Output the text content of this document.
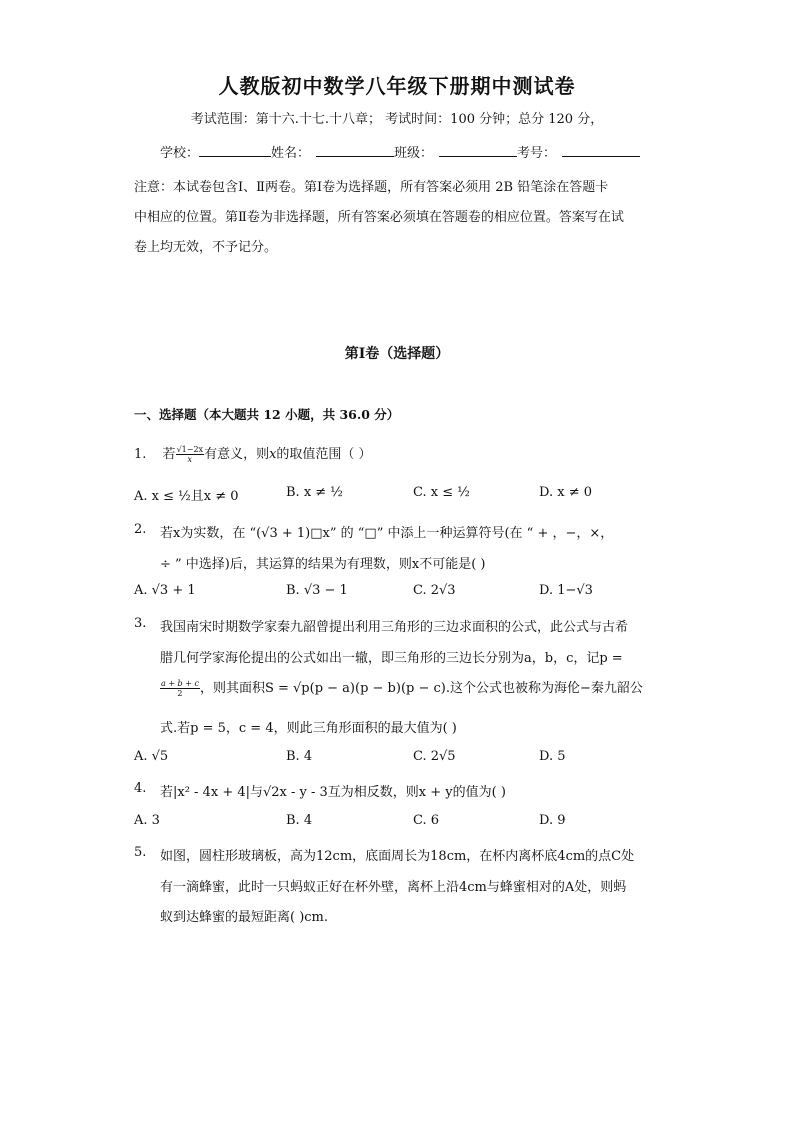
人教版初中数学八年级下册期中测试卷
考试范围：第十六.十七.十八章； 考试时间：100 分钟；总分 120 分，
学校：	姓名：	班级：	考号：
注意：本试卷包含Ⅰ、Ⅱ两卷。第Ⅰ卷为选择题，所有答案必须用 2B 铅笔涂在答题卡
中相应的位置。第Ⅱ卷为非选择题，所有答案必须填在答题卷的相应位置。答案写在试
卷上均无效，不予记分。
第Ⅰ卷（选择题）
一、选择题（本大题共 12 小题，共 36.0 分）
1. 若 $\frac{√1-2x}{x}$ 有意义，则x的取值范围（ ）
A. x ≤ ½且x ≠ 0	B. x ≠ ½	C. x ≤ ½	D. x ≠ 0
2. 若x为实数，在 “(√3 + 1)□x” 的 “□” 中添上一种运算符号(在 “ + ，−，×，
÷ ” 中选择)后，其运算的结果为有理数，则x不可能是( )
A. √3 + 1	B. √3 − 1	C. 2√3	D. 1−√3
3. 我国南宋时期数学家秦九韶曾提出利用三角形的三边求面积的公式，此公式与古希
腊几何学家海伦提出的公式如出一辙，即三角形的三边长分别为a，b，c，记p =
$\frac{a + b + c}{2}$ ，则其面积S = √p(p − a)(p − b)(p − c).这个公式也被称为海伦−秦九韶公
式.若p = 5，c = 4，则此三角形面积的最大值为( )
A. √5	B. 4	C. 2√5	D. 5
4. 若|x² - 4x + 4|与√2x - y - 3互为相反数，则x + y的值为( )
A. 3	B. 4	C. 6	D. 9
5. 如图，圆柱形玻璃板，高为12cm，底面周长为18cm，在杯内离杯底4cm的点C处
有一滴蜂蜜，此时一只蚂蚁正好在杯外壁，离杯上沿4cm与蜂蜜相对的A处，则蚂
蚁到达蜂蜜的最短距离( )cm.
